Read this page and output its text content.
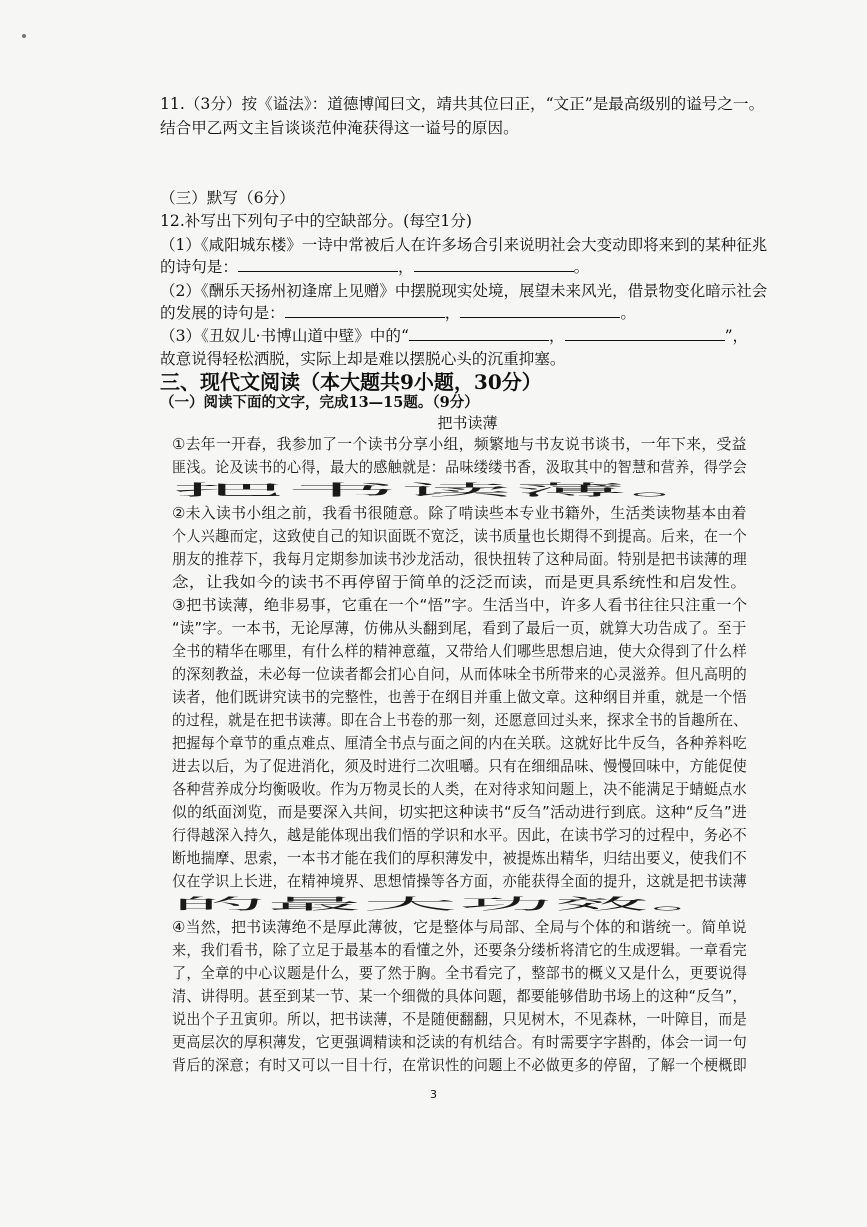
11.（3分）按《谥法》：道德博闻曰文，靖共其位曰正，“文正”是最高级别的谥号之一。
结合甲乙两文主旨谈谈范仲淹获得这一谥号的原因。
（三）默写（6分）
12.补写出下列句子中的空缺部分。(每空1分)
（1）《咸阳城东楼》一诗中常被后人在许多场合引来说明社会大变动即将来到的某种征兆
的诗句是：	，	。
（2）《酬乐天扬州初逢席上见赠》中摆脱现实处境，展望未来风光，借景物变化暗示社会
的发展的诗句是：	，	。
（3）《丑奴儿·书博山道中壁》中的“	，	”，
故意说得轻松洒脱，实际上却是难以摆脱心头的沉重抑塞。
三、现代文阅读（本大题共9小题，30分）
（一）阅读下面的文字，完成13—15题。（9分）
把书读薄
①去年一开春，我参加了一个读书分享小组，频繁地与书友说书谈书，一年下来，受益
匪浅。论及读书的心得，最大的感触就是：品味缕缕书香，汲取其中的智慧和营养，得学会
把书读薄。
②未入读书小组之前，我看书很随意。除了啃读些本专业书籍外，生活类读物基本由着
个人兴趣而定，这致使自己的知识面既不宽泛，读书质量也长期得不到提高。后来，在一个
朋友的推荐下，我每月定期参加读书沙龙活动，很快扭转了这种局面。特别是把书读薄的理
念，让我如今的读书不再停留于简单的泛泛而读，而是更具系统性和启发性。
③把书读薄，绝非易事，它重在一个“悟”字。生活当中，许多人看书往往只注重一个
“读”字。一本书，无论厚薄，仿佛从头翻到尾，看到了最后一页，就算大功告成了。至于
全书的精华在哪里，有什么样的精神意蕴，又带给人们哪些思想启迪，使大众得到了什么样
的深刻教益，未必每一位读者都会扪心自问，从而体味全书所带来的心灵滋养。但凡高明的
读者，他们既讲究读书的完整性，也善于在纲目并重上做文章。这种纲目并重，就是一个悟
的过程，就是在把书读薄。即在合上书卷的那一刻，还愿意回过头来，探求全书的旨趣所在、
把握每个章节的重点难点、厘清全书点与面之间的内在关联。这就好比牛反刍，各种养料吃
进去以后，为了促进消化，须及时进行二次咀嚼。只有在细细品味、慢慢回味中，方能促使
各种营养成分均衡吸收。作为万物灵长的人类，在对待求知问题上，决不能满足于蜻蜓点水
似的纸面浏览，而是要深入共间，切实把这种读书“反刍”活动进行到底。这种“反刍”进
行得越深入持久，越是能体现出我们悟的学识和水平。因此，在读书学习的过程中，务必不
断地揣摩、思索，一本书才能在我们的厚积薄发中，被提炼出精华，归结出要义，使我们不
仅在学识上长进，在精神境界、思想情操等各方面，亦能获得全面的提升，这就是把书读薄
的最大功效。
④当然，把书读薄绝不是厚此薄彼，它是整体与局部、全局与个体的和谐统一。简单说
来，我们看书，除了立足于最基本的看懂之外，还要条分缕析将清它的生成逻辑。一章看完
了，全章的中心议题是什么，要了然于胸。全书看完了，整部书的概义又是什么，更要说得
清、讲得明。甚至到某一节、某一个细微的具体问题，都要能够借助书场上的这种“反刍”，
说出个子丑寅卯。所以，把书读薄，不是随便翻翻，只见树木，不见森林，一叶障目，而是
更高层次的厚积薄发，它更强调精读和泛读的有机结合。有时需要字字斟酌，体会一词一句
背后的深意；有时又可以一目十行，在常识性的问题上不必做更多的停留，了解一个梗概即
3
